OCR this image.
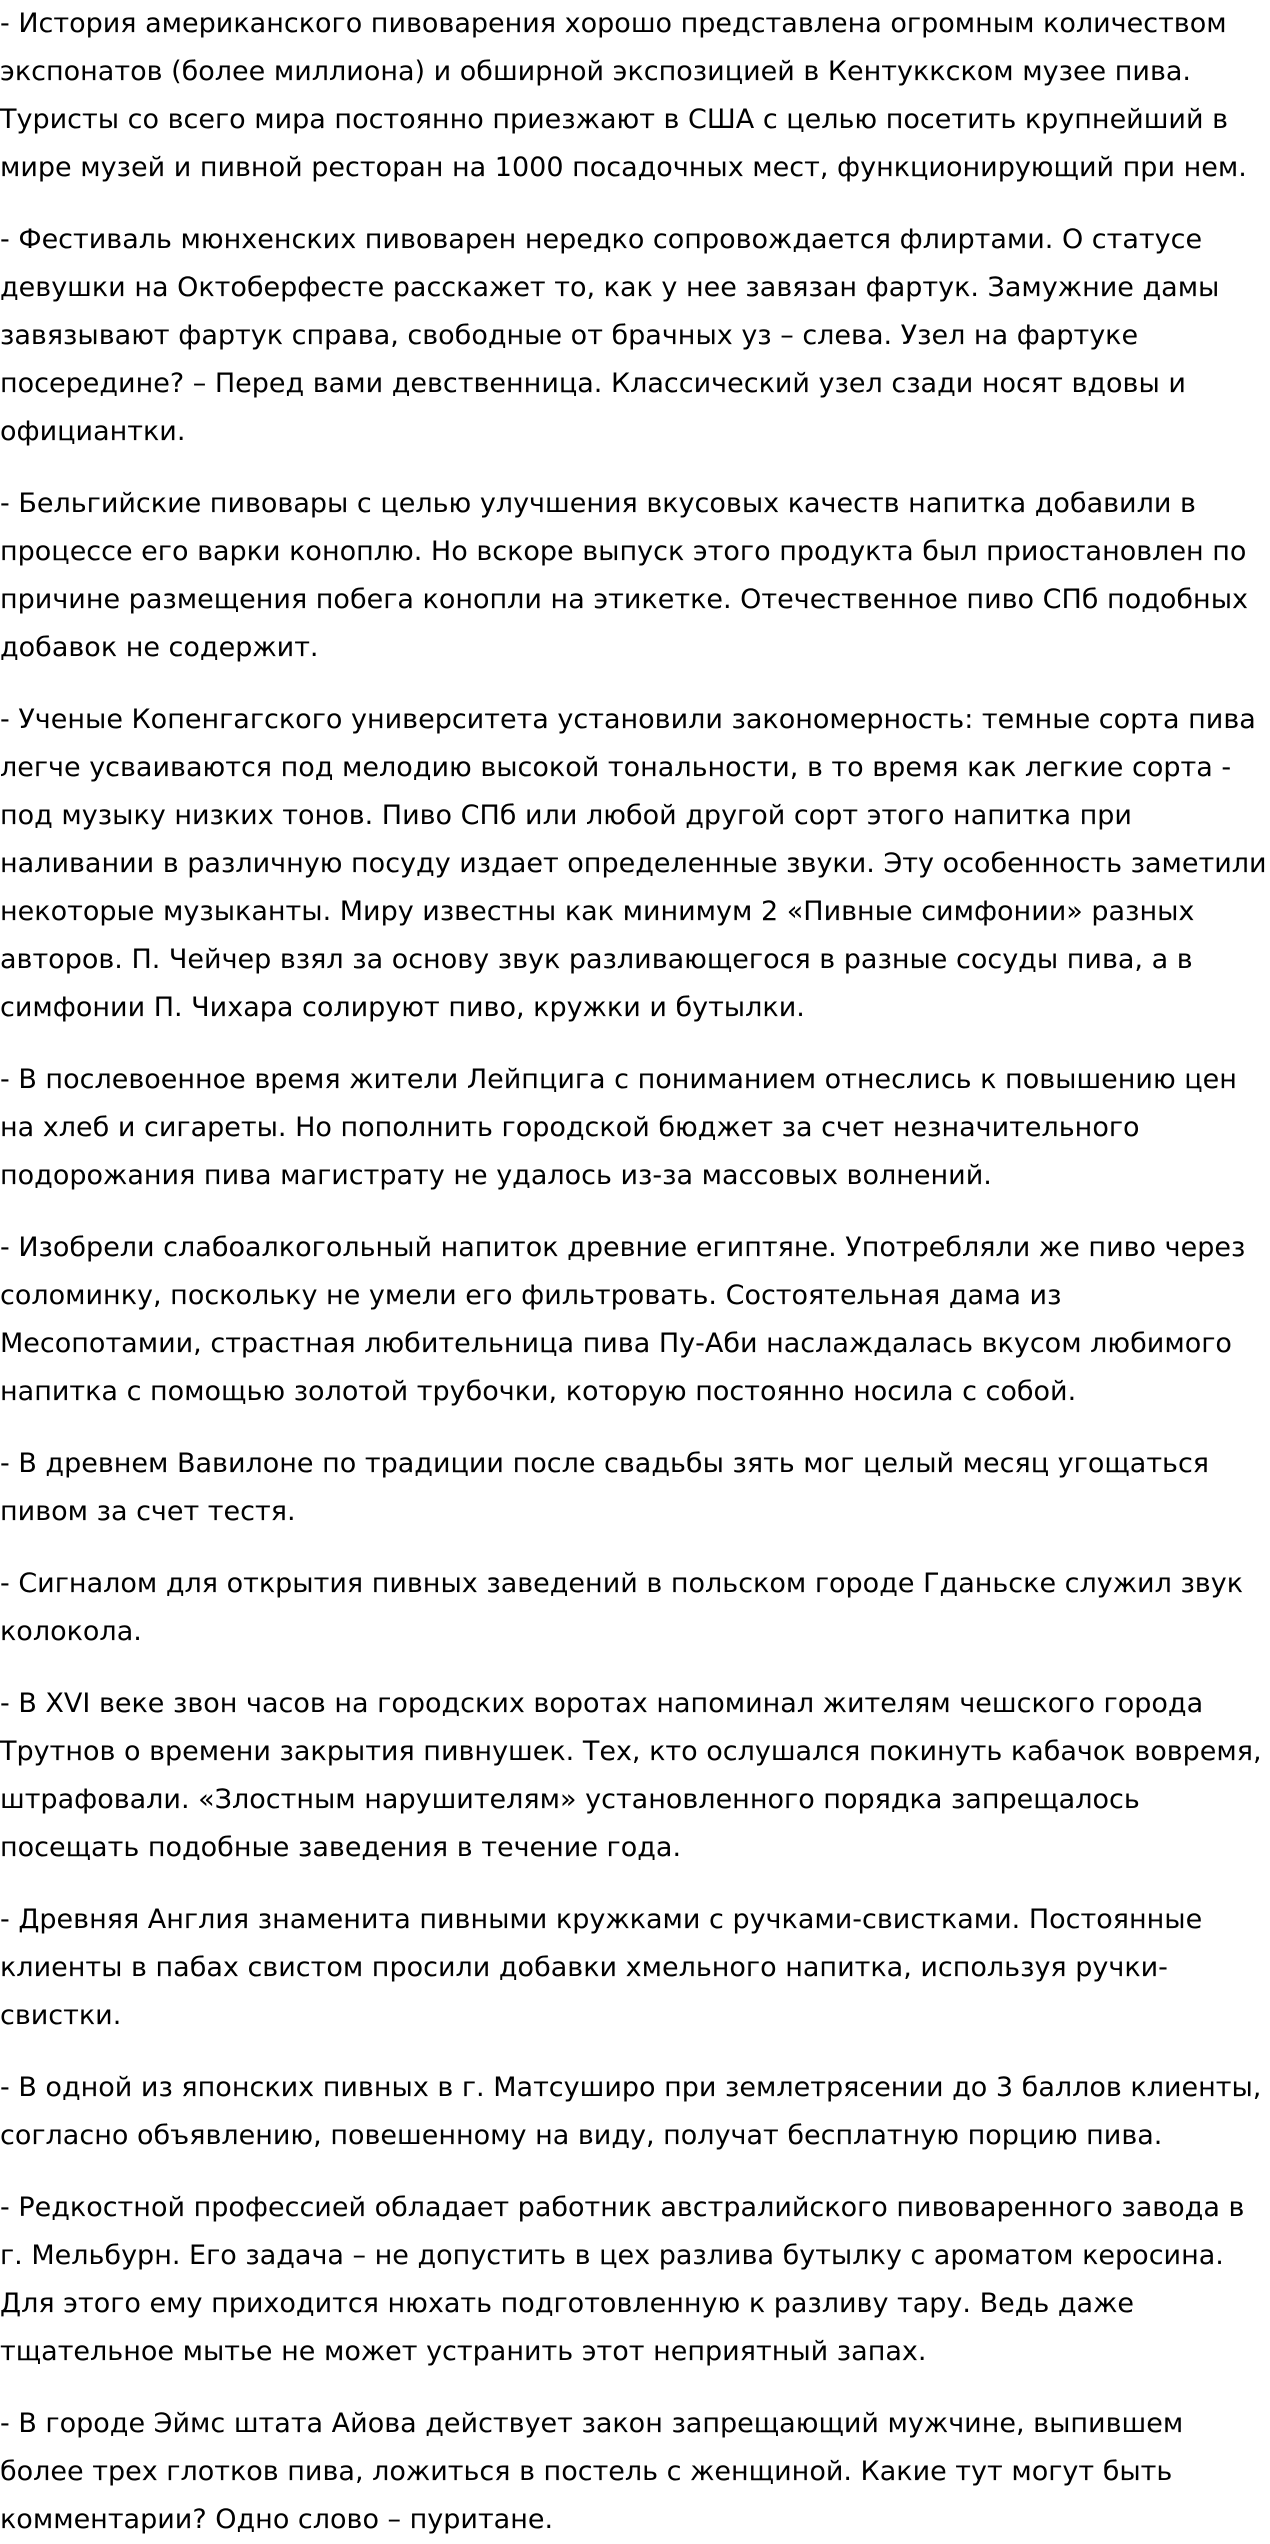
- История американского пивоварения хорошо представлена огромным количеством экспонатов (более миллиона) и обширной экспозицией в Кентуккском музее пива. Туристы со всего мира постоянно приезжают в США с целью посетить крупнейший в мире музей и пивной ресторан на 1000 посадочных мест, функционирующий при нем.

- Фестиваль мюнхенских пивоварен нередко сопровождается флиртами. О статусе девушки на Октоберфесте расскажет то, как у нее завязан фартук. Замужние дамы завязывают фартук справа, свободные от брачных уз – слева. Узел на фартуке посередине? – Перед вами девственница. Классический узел сзади носят вдовы и официантки.

- Бельгийские пивовары с целью улучшения вкусовых качеств напитка добавили в процессе его варки коноплю. Но вскоре выпуск этого продукта был приостановлен по причине размещения побега конопли на этикетке. Отечественное пиво СПб подобных добавок не содержит.

- Ученые Копенгагского университета установили закономерность: темные сорта пива легче усваиваются под мелодию высокой тональности, в то время как легкие сорта - под музыку низких тонов. Пиво СПб или любой другой сорт этого напитка при наливании в различную посуду издает определенные звуки. Эту особенность заметили некоторые музыканты. Миру известны как минимум 2 «Пивные симфонии» разных авторов. П. Чейчер взял за основу звук разливающегося в разные сосуды пива, а в симфонии П. Чихара солируют пиво, кружки и бутылки.

- В послевоенное время жители Лейпцига с пониманием отнеслись к повышению цен на хлеб и сигареты. Но пополнить городской бюджет за счет незначительного подорожания пива магистрату не удалось из-за массовых волнений.

- Изобрели слабоалкогольный напиток древние египтяне. Употребляли же пиво через соломинку, поскольку не умели его фильтровать. Состоятельная дама из Месопотамии, страстная любительница пива Пу-Аби наслаждалась вкусом любимого напитка с помощью золотой трубочки, которую постоянно носила с собой.

- В древнем Вавилоне по традиции после свадьбы зять мог целый месяц угощаться пивом за счет тестя.

- Сигналом для открытия пивных заведений в польском городе Гданьске служил звук колокола.

- В XVI веке звон часов на городских воротах напоминал жителям чешского города Трутнов о времени закрытия пивнушек. Тех, кто ослушался покинуть кабачок вовремя, штрафовали. «Злостным нарушителям» установленного порядка запрещалось посещать подобные заведения в течение года.

- Древняя Англия знаменита пивными кружками с ручками-свистками. Постоянные клиенты в пабах свистом просили добавки хмельного напитка, используя ручки-свистки.

- В одной из японских пивных в г. Матсуширо при землетрясении до 3 баллов клиенты, согласно объявлению, повешенному на виду, получат бесплатную порцию пива.

- Редкостной профессией обладает работник австралийского пивоваренного завода в г. Мельбурн. Его задача – не допустить в цех разлива бутылку с ароматом керосина. Для этого ему приходится нюхать подготовленную к разливу тару. Ведь даже тщательное мытье не может устранить этот неприятный запах.

- В городе Эймс штата Айова действует закон запрещающий мужчине, выпившем более трех глотков пива, ложиться в постель с женщиной. Какие тут могут быть комментарии? Одно слово – пуритане.
